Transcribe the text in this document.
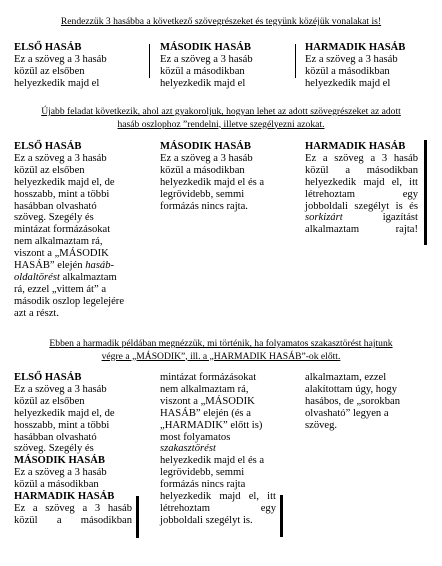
Rendezzük 3 hasábba a következő szövegrészeket és tegyünk közéjük vonalakat is!

ELSŐ HASÁB

Ez a szöveg a 3 hasáb

közül az elsőben

helyezkedik majd el

MÁSODIK HASÁB

Ez a szöveg a 3 hasáb

közül a másodikban

helyezkedik majd el

HARMADIK HASÁB

Ez a szöveg a 3 hasáb

közül a másodikban

helyezkedik majd el

Újabb feladat következik, ahol azt gyakoroljuk, hogyan lehet az adott szövegrészeket az adott
hasáb oszlophoz ”rendelni, illetve szegélyezni azokat.

ELSŐ HASÁB

Ez a szöveg a 3 hasáb

közül az elsőben

helyezkedik majd el, de

hosszabb, mint a többi

hasábban olvasható

szöveg. Szegély és

mintázat formázásokat

nem alkalmaztam rá,

viszont a „MÁSODIK

HASÁB” elején hasáb-

oldaltörést alkalmaztam

rá, ezzel „vittem át” a

második oszlop legelejére

azt a részt.

MÁSODIK HASÁB

Ez a szöveg a 3 hasáb

közül a másodikban

helyezkedik majd el és a

legrövidebb, semmi

formázás nincs rajta.

HARMADIK HASÁB

Ez a szöveg a 3 hasáb
közül a másodikban
helyezkedik majd el, itt
létrehoztam egy
jobboldali szegélyt is és
sorkizárt	igazítást
alkalmaztam rajta!
Ebben a harmadik példában megnézzük, mi történik, ha folyamatos szakasztörést hajtunk
végre a „MÁSODIK”, ill. a „HARMADIK HASÁB”-ok előtt.

ELSŐ HASÁB

Ez a szöveg a 3 hasáb

közül az elsőben

helyezkedik majd el, de

hosszabb, mint a többi

hasábban olvasható

szöveg. Szegély és

MÁSODIK HASÁB

Ez a szöveg a 3 hasáb

közül a másodikban

HARMADIK HASÁB

Ez a szöveg a 3 hasáb
közül a másodikban

mintázat formázásokat

nem alkalmaztam rá,

viszont a „MÁSODIK

HASÁB” elején (és a

„HARMADIK” előtt is)

most folyamatos

szakasztörést

helyezkedik majd el és a

legrövidebb, semmi

formázás nincs rajta

helyezkedik majd el, itt
létrehoztam egy

jobboldali szegélyt is.

alkalmaztam, ezzel

alakítottam úgy, hogy

hasábos, de „sorokban

olvasható” legyen a

szöveg.
